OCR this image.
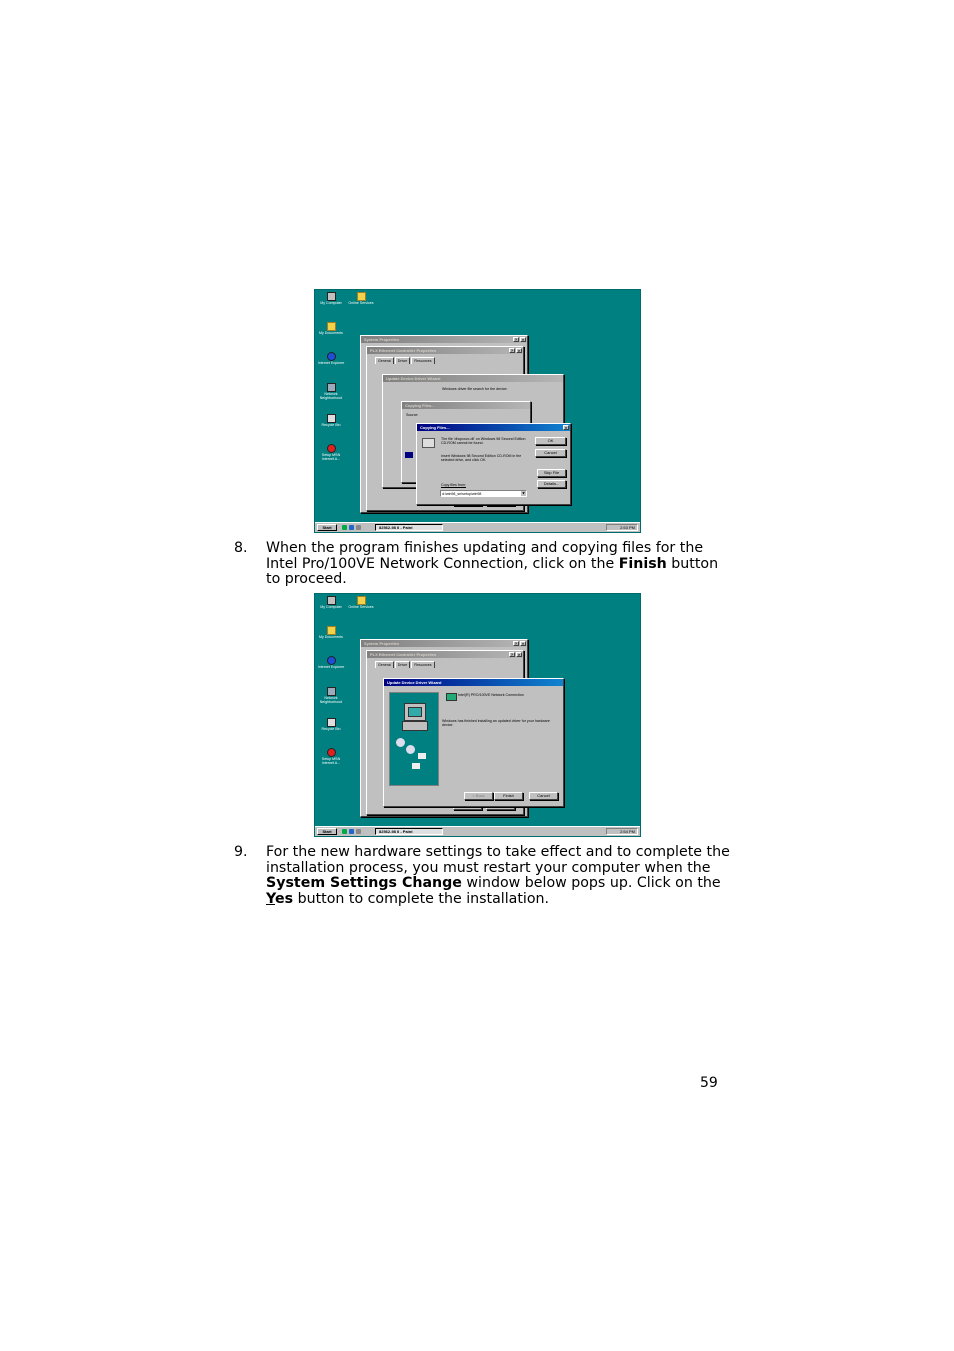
My Computer	Online Services
My Documents
Internet Explorer
Network Neighborhood
Recycle Bin
Setup MSN Internet A...
System Properties	?	×
PLX Ethernet Controller Properties	?	×
General	Driver	Resources
Update Device Driver Wizard
Windows driver file search for the device:
Copying Files...
Source:
Copying Files...	×
The file 'dhcpcsvc.dll' on Windows 98 Second Edition CD-ROM cannot be found.
Insert Windows 98 Second Edition CD-ROM in the selected drive, and click OK.
OK
Cancel
Skip File
Details...
Copy files from:
d:\win98_se\setup\win98	▼
Start	82562-98 II - Paint	2:53 PM
8. When the program finishes updating and copying files for the Intel Pro/100VE Network Connection, click on the Finish button to proceed.
My Computer	Online Services
My Documents
Internet Explorer
Network Neighborhood
Recycle Bin
Setup MSN Internet A...
System Properties	?	×
PLX Ethernet Controller Properties	?	×
General	Driver	Resources
Update Device Driver Wizard
Intel(R) PRO/100VE Network Connection
Windows has finished installing an updated driver for your hardware device.
< Back	Finish	Cancel
Start	82562-98 II - Paint	2:54 PM
9. For the new hardware settings to take effect and to complete the installation process, you must restart your computer when the System Settings Change window below pops up. Click on the Yes button to complete the installation.
59
